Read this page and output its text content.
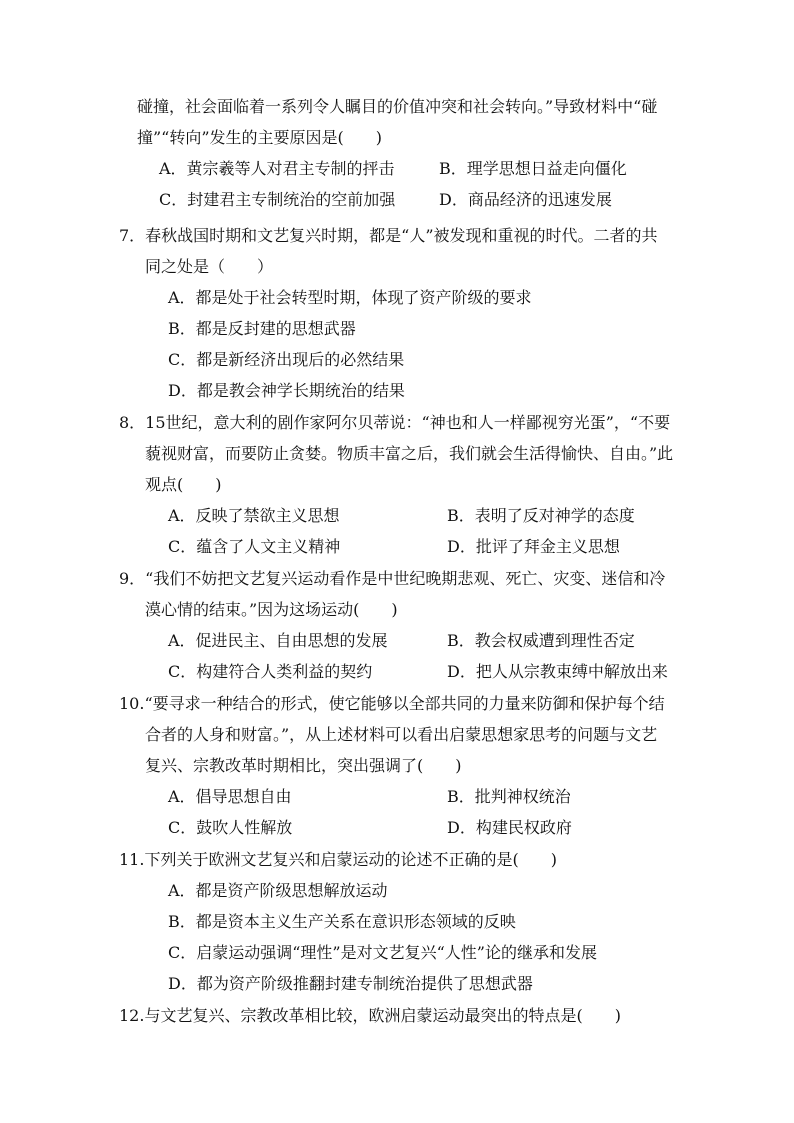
碰撞，社会面临着一系列令人瞩目的价值冲突和社会转向。”导致材料中“碰
撞”“转向”发生的主要原因是(　　)
A．黄宗羲等人对君主专制的抨击	B．理学思想日益走向僵化
C．封建君主专制统治的空前加强	D．商品经济的迅速发展
7．春秋战国时期和文艺复兴时期，都是“人”被发现和重视的时代。二者的共
同之处是（　　）
A．都是处于社会转型时期，体现了资产阶级的要求
B．都是反封建的思想武器
C．都是新经济出现后的必然结果
D．都是教会神学长期统治的结果
8．15世纪，意大利的剧作家阿尔贝蒂说：“神也和人一样鄙视穷光蛋”，“不要
藐视财富，而要防止贪婪。物质丰富之后，我们就会生活得愉快、自由。”此
观点(　　)
A．反映了禁欲主义思想	B．表明了反对神学的态度
C．蕴含了人文主义精神	D．批评了拜金主义思想
9．“我们不妨把文艺复兴运动看作是中世纪晚期悲观、死亡、灾变、迷信和冷
漠心情的结束。”因为这场运动(　　)
A．促进民主、自由思想的发展	B．教会权威遭到理性否定
C．构建符合人类利益的契约	D．把人从宗教束缚中解放出来
10.“要寻求一种结合的形式，使它能够以全部共同的力量来防御和保护每个结
合者的人身和财富。”，从上述材料可以看出启蒙思想家思考的问题与文艺
复兴、宗教改革时期相比，突出强调了(　　)
A．倡导思想自由	B．批判神权统治
C．鼓吹人性解放	D．构建民权政府
11.下列关于欧洲文艺复兴和启蒙运动的论述不正确的是(　　)
A．都是资产阶级思想解放运动
B．都是资本主义生产关系在意识形态领域的反映
C．启蒙运动强调“理性”是对文艺复兴“人性”论的继承和发展
D．都为资产阶级推翻封建专制统治提供了思想武器
12.与文艺复兴、宗教改革相比较，欧洲启蒙运动最突出的特点是(　　)
